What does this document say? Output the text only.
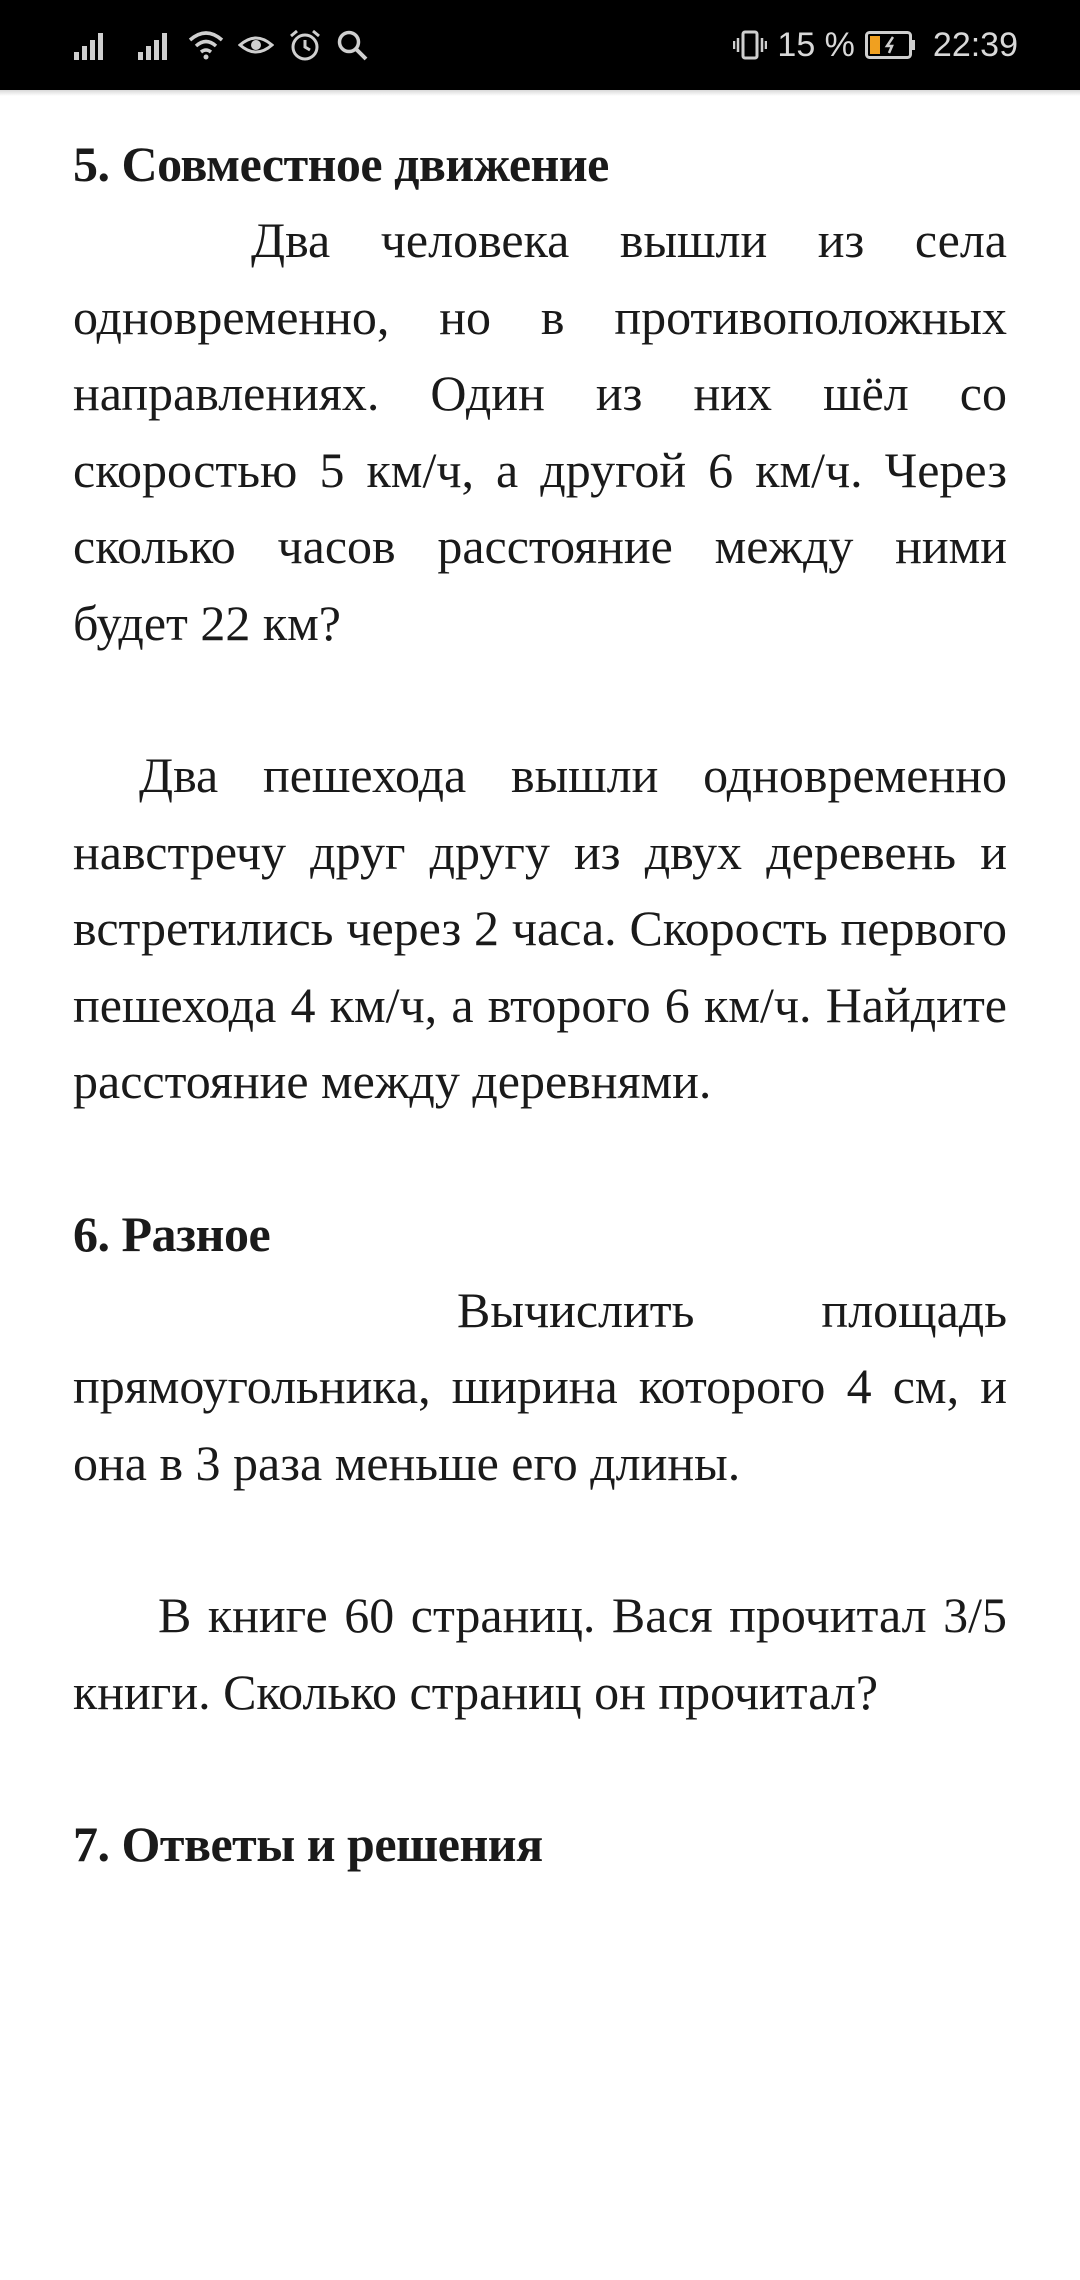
15 % 22:39
5. Совместное движение

Два человека вышли из села одновременно, но в противоположных направлениях. Один из них шёл со скоростью 5 км/ч, а другой 6 км/ч. Через сколько часов расстояние между ними будет 22 км?

Два пешехода вышли одновременно навстречу друг другу из двух деревень и встретились через 2 часа. Скорость первого пешехода 4 км/ч, а второго 6 км/ч. Найдите расстояние между деревнями.

6. Разное

Вычислить площадь прямоугольника, ширина которого 4 см, и она в 3 раза меньше его длины.

В книге 60 страниц. Вася прочитал 3/5 книги. Сколько страниц он прочитал?

7. Ответы и решения
